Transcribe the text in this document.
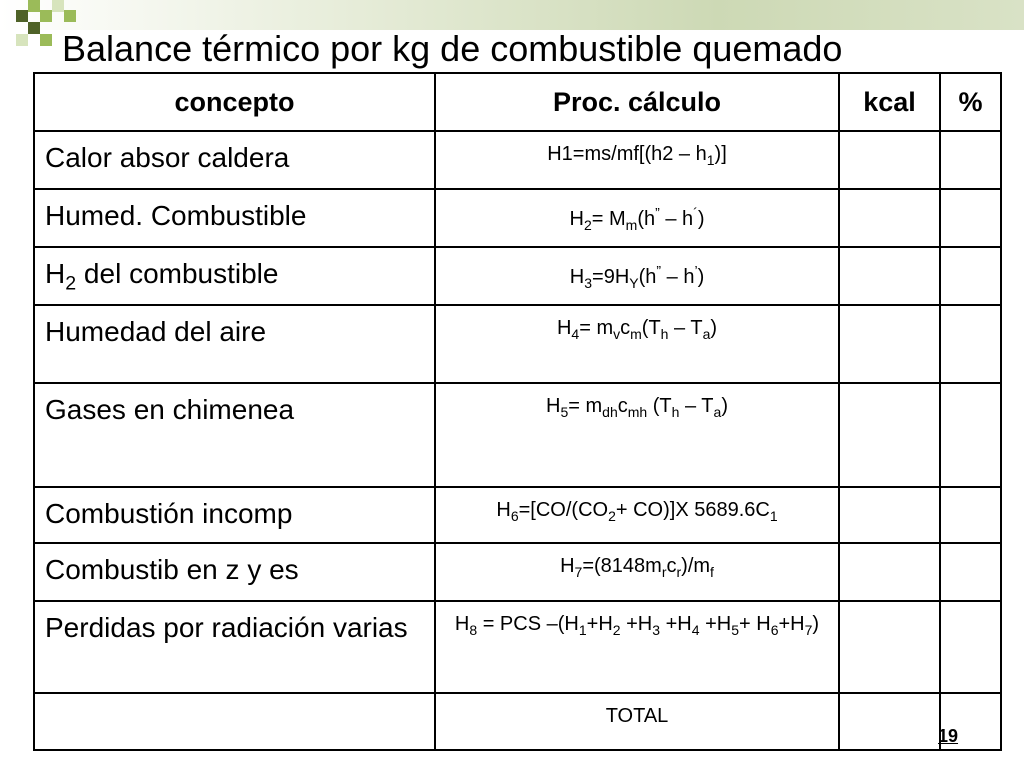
Balance térmico por kg de combustible quemado
concepto	Proc. cálculo	kcal	%
Calor absor caldera	$H1=ms/mf[(h2 - h_1)]$		
Humed. Combustible	$H_2= M_m(h^” - h^´)$		
$H_2$ del combustible	$H_3=9H_Y(h^” - h^’)$		
Humedad del aire	$H_4= m_vc_m(T_h - T_a)$		
Gases en chimenea	$H_5= m_{dh}c_{mh}$ $(T_h - T_a)$		
Combustión incomp	$H_6=[CO/(CO_2+ CO)]X$ $5689.6C_1$		
Combustib en z y es	$H_7=(8148m_rc_r)/m_f$		
Perdidas por radiación varias	$H_8$ = PCS $-(H_1+H_2 +H_3 +H_4 +H_5+ H_6+H_7)$		
	TOTAL		
19
